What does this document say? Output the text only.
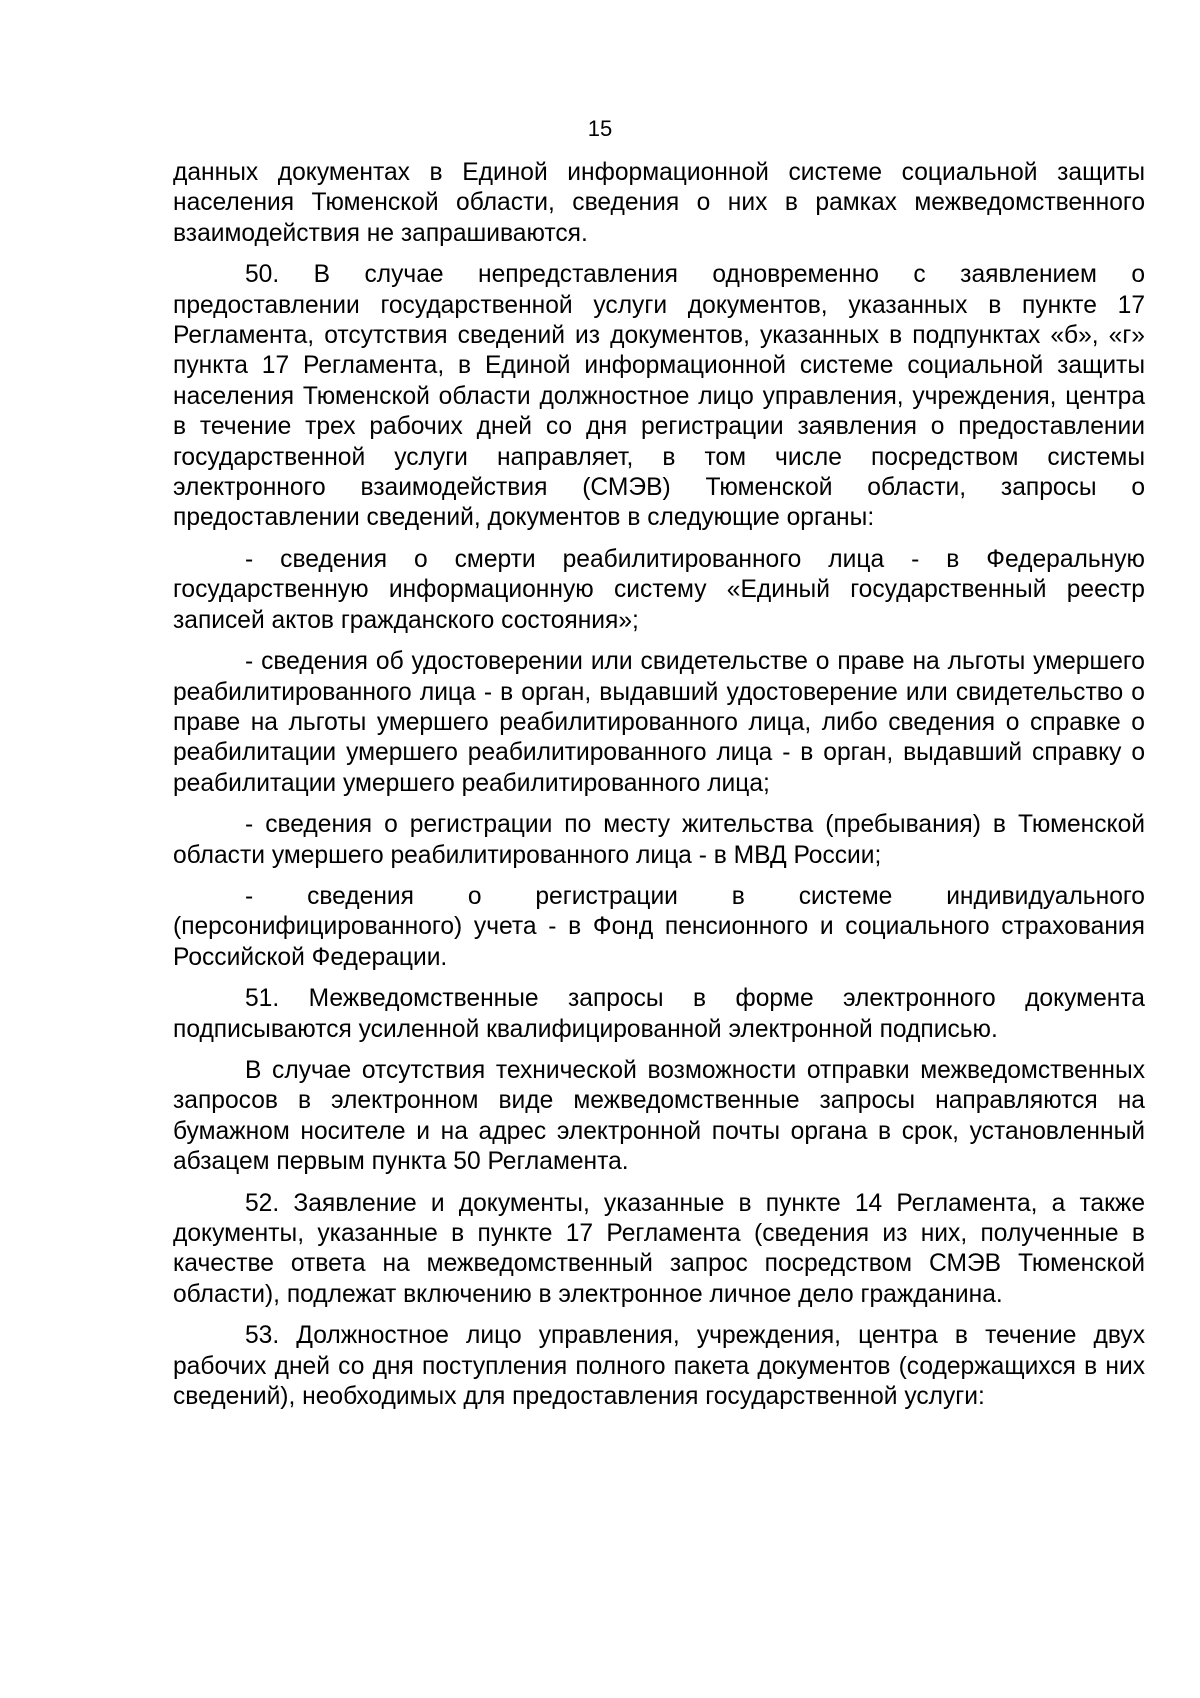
15

данных документах в Единой информационной системе социальной защиты населения Тюменской области, сведения о них в рамках межведомственного взаимодействия не запрашиваются.

50. В случае непредставления одновременно с заявлением о предоставлении государственной услуги документов, указанных в пункте 17 Регламента, отсутствия сведений из документов, указанных в подпунктах «б», «г» пункта 17 Регламента, в Единой информационной системе социальной защиты населения Тюменской области должностное лицо управления, учреждения, центра в течение трех рабочих дней со дня регистрации заявления о предоставлении государственной услуги направляет, в том числе посредством системы электронного взаимодействия (СМЭВ) Тюменской области, запросы о предоставлении сведений, документов в следующие органы:

- сведения о смерти реабилитированного лица - в Федеральную государственную информационную систему «Единый государственный реестр записей актов гражданского состояния»;

- сведения об удостоверении или свидетельстве о праве на льготы умершего реабилитированного лица - в орган, выдавший удостоверение или свидетельство о праве на льготы умершего реабилитированного лица, либо сведения о справке о реабилитации умершего реабилитированного лица - в орган, выдавший справку о реабилитации умершего реабилитированного лица;

- сведения о регистрации по месту жительства (пребывания) в Тюменской области умершего реабилитированного лица - в МВД России;

- сведения о регистрации в системе индивидуального (персонифицированного) учета - в Фонд пенсионного и социального страхования Российской Федерации.

51. Межведомственные запросы в форме электронного документа подписываются усиленной квалифицированной электронной подписью.

В случае отсутствия технической возможности отправки межведомственных запросов в электронном виде межведомственные запросы направляются на бумажном носителе и на адрес электронной почты органа в срок, установленный абзацем первым пункта 50 Регламента.

52. Заявление и документы, указанные в пункте 14 Регламента, а также документы, указанные в пункте 17 Регламента (сведения из них, полученные в качестве ответа на межведомственный запрос посредством СМЭВ Тюменской области), подлежат включению в электронное личное дело гражданина.

53. Должностное лицо управления, учреждения, центра в течение двух рабочих дней со дня поступления полного пакета документов (содержащихся в них сведений), необходимых для предоставления государственной услуги:
